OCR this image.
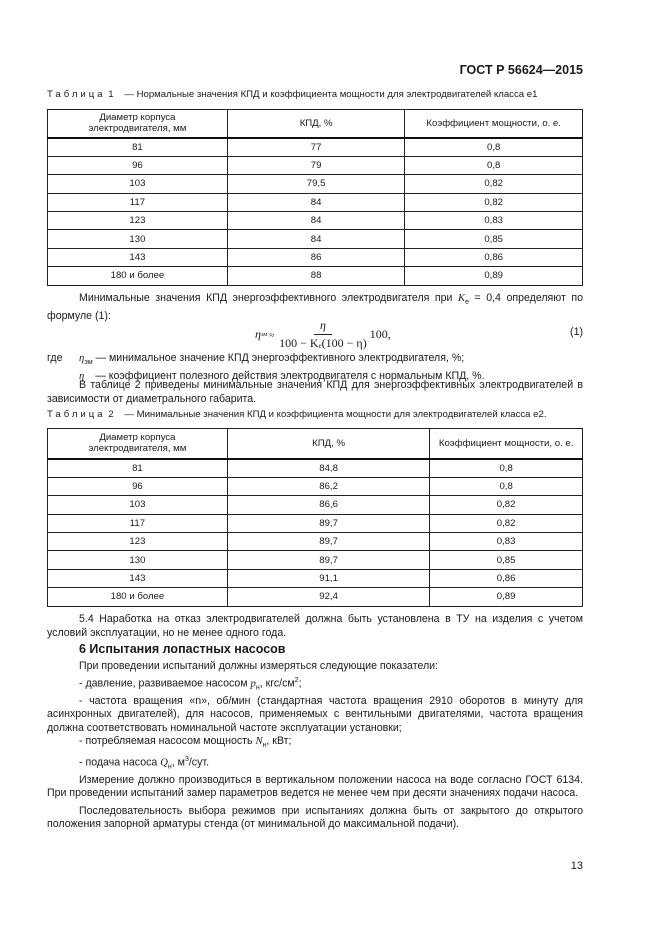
ГОСТ Р 56624—2015
Таблица 1 — Нормальные значения КПД и коэффициента мощности для электродвигателей класса е1
Диаметр корпуса электродвигателя, мм	КПД, %	Коэффициент мощности, о. е.
81	77	0,8
96	79	0,8
103	79,5	0,82
117	84	0,82
123	84	0,83
130	84	0,85
143	86	0,86
180 и более	88	0,89
Минимальные значения КПД энергоэффективного электродвигателя при $K_e = 0,4$ определяют по формуле (1):
η эм ≈ $\frac{\eta}{\text{100 − Kₑ(100 − η)}} 100$,	(1)
где $\eta_{эм}$ — минимальное значение КПД энергоэффективного электродвигателя, %;
η — коэффициент полезного действия электродвигателя с нормальным КПД, %.
В таблице 2 приведены минимальные значения КПД для энергоэффективных электродвигателей в зависимости от диаметрального габарита.
Таблица 2 — Минимальные значения КПД и коэффициента мощности для электродвигателей класса е2.
Диаметр корпуса электродвигателя, мм	КПД, %	Коэффициент мощности, о. е.
81	84,8	0,8
96	86,2	0,8
103	86,6	0,82
117	89,7	0,82
123	89,7	0,83
130	89,7	0,85
143	91,1	0,86
180 и более	92,4	0,89
5.4 Наработка на отказ электродвигателей должна быть установлена в ТУ на изделия с учетом условий эксплуатации, но не менее одного года.
6 Испытания лопастных насосов
При проведении испытаний должны измеряться следующие показатели:
- давление, развиваемое насосом $p_н$, кгс/$см^2$;
- частота вращения «n», об/мин (стандартная частота вращения 2910 оборотов в минуту для асинхронных двигателей), для насосов, применяемых с вентильными двигателями, частота вращения должна соответствовать номинальной частоте эксплуатации установки;
- потребляемая насосом мощность $N_н$, кВт;
- подача насоса $Q_н$, $м^3$/сут.
Измерение должно производиться в вертикальном положении насоса на воде согласно ГОСТ 6134. При проведении испытаний замер параметров ведется не менее чем при десяти значениях подачи насоса.
Последовательность выбора режимов при испытаниях должна быть от закрытого до открытого положения запорной арматуры стенда (от минимальной до максимальной подачи).
13
